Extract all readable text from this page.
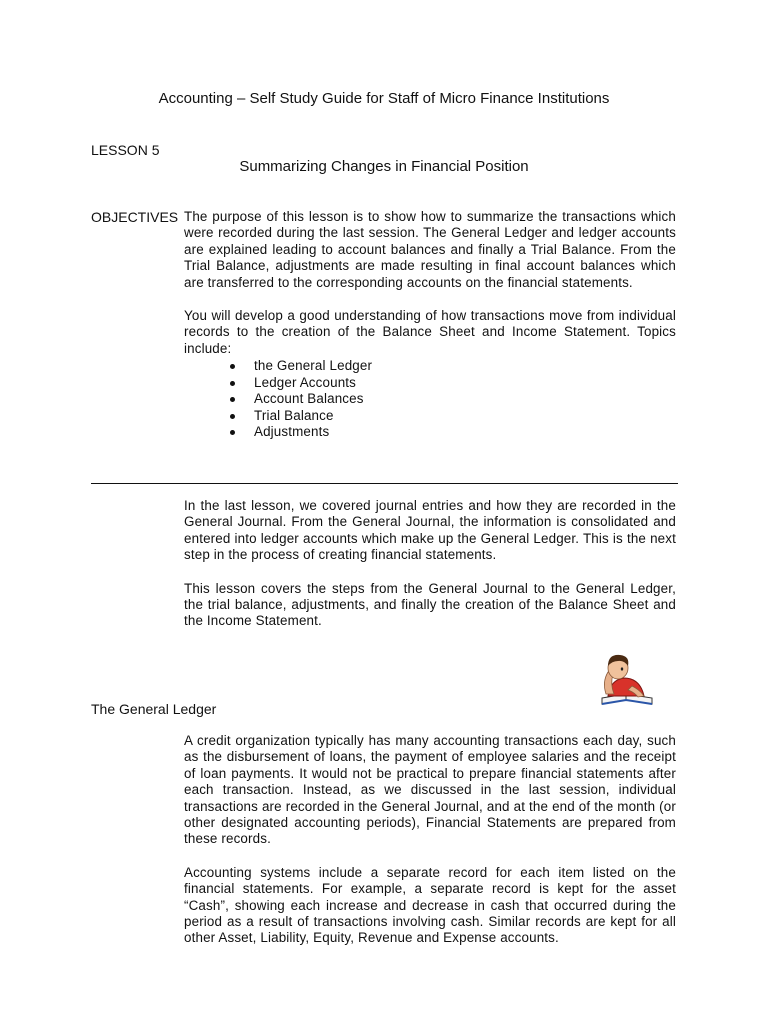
Accounting – Self Study Guide for Staff of Micro Finance Institutions
LESSON 5
Summarizing Changes in Financial Position
OBJECTIVES The purpose of this lesson is to show how to summarize the transactions which were recorded during the last session. The General Ledger and ledger accounts are explained leading to account balances and finally a Trial Balance. From the Trial Balance, adjustments are made resulting in final account balances which are transferred to the corresponding accounts on the financial statements.

You will develop a good understanding of how transactions move from individual records to the creation of the Balance Sheet and Income Statement. Topics include:

the General Ledger
Ledger Accounts
Account Balances
Trial Balance
Adjustments

In the last lesson, we covered journal entries and how they are recorded in the General Journal. From the General Journal, the information is consolidated and entered into ledger accounts which make up the General Ledger. This is the next step in the process of creating financial statements.

This lesson covers the steps from the General Journal to the General Ledger, the trial balance, adjustments, and finally the creation of the Balance Sheet and the Income Statement.

The General Ledger

A credit organization typically has many accounting transactions each day, such as the disbursement of loans, the payment of employee salaries and the receipt of loan payments. It would not be practical to prepare financial statements after each transaction. Instead, as we discussed in the last session, individual transactions are recorded in the General Journal, and at the end of the month (or other designated accounting periods), Financial Statements are prepared from these records.

Accounting systems include a separate record for each item listed on the financial statements. For example, a separate record is kept for the asset “Cash”, showing each increase and decrease in cash that occurred during the period as a result of transactions involving cash. Similar records are kept for all other Asset, Liability, Equity, Revenue and Expense accounts.
